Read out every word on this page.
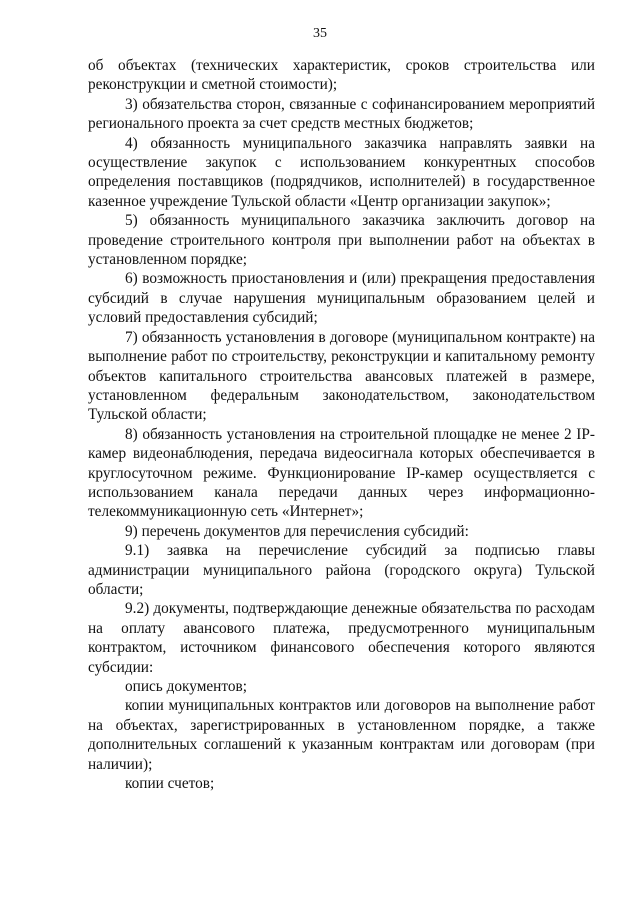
35

об объектах (технических характеристик, сроков строительства или реконструкции и сметной стоимости);

3) обязательства сторон, связанные с софинансированием мероприятий регионального проекта за счет средств местных бюджетов;

4) обязанность муниципального заказчика направлять заявки на осуществление закупок с использованием конкурентных способов определения поставщиков (подрядчиков, исполнителей) в государственное казенное учреждение Тульской области «Центр организации закупок»;

5) обязанность муниципального заказчика заключить договор на проведение строительного контроля при выполнении работ на объектах в установленном порядке;

6) возможность приостановления и (или) прекращения предоставления субсидий в случае нарушения муниципальным образованием целей и условий предоставления субсидий;

7) обязанность установления в договоре (муниципальном контракте) на выполнение работ по строительству, реконструкции и капитальному ремонту объектов капитального строительства авансовых платежей в размере, установленном федеральным законодательством, законодательством Тульской области;

8) обязанность установления на строительной площадке не менее 2 IP-камер видеонаблюдения, передача видеосигнала которых обеспечивается в круглосуточном режиме. Функционирование IP-камер осуществляется с использованием канала передачи данных через информационно-телекоммуникационную сеть «Интернет»;

9) перечень документов для перечисления субсидий:

9.1) заявка на перечисление субсидий за подписью главы администрации муниципального района (городского округа) Тульской области;

9.2) документы, подтверждающие денежные обязательства по расходам на оплату авансового платежа, предусмотренного муниципальным контрактом, источником финансового обеспечения которого являются субсидии:

опись документов;

копии муниципальных контрактов или договоров на выполнение работ на объектах, зарегистрированных в установленном порядке, а также дополнительных соглашений к указанным контрактам или договорам (при наличии);

копии счетов;
